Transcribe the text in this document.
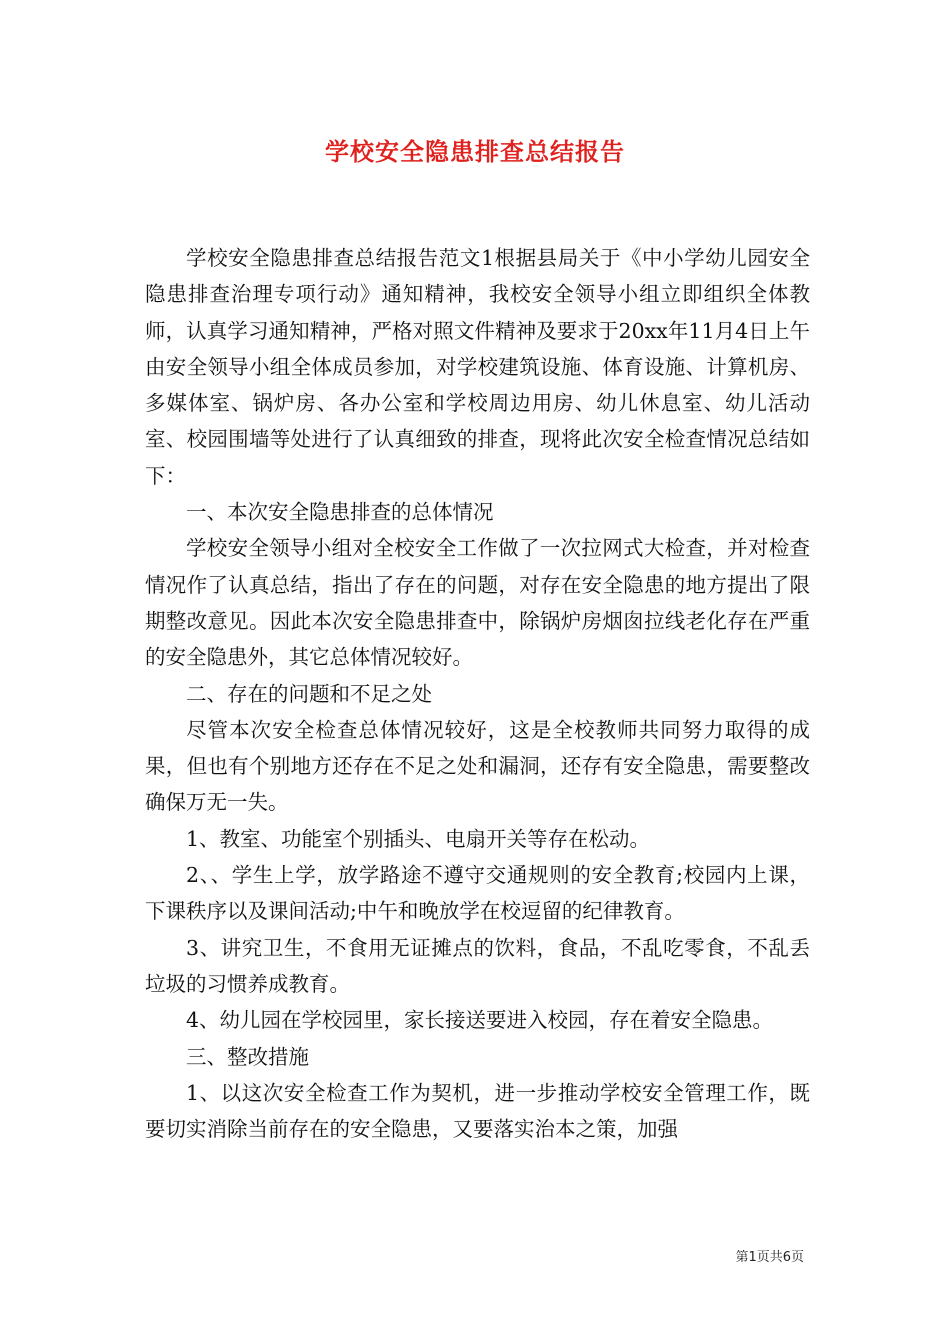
学校安全隐患排查总结报告

学校安全隐患排查总结报告范文1根据县局关于《中小学幼儿园安全隐患排查治理专项行动》通知精神，我校安全领导小组立即组织全体教师，认真学习通知精神，严格对照文件精神及要求于20xx年11月4日上午由安全领导小组全体成员参加，对学校建筑设施、体育设施、计算机房、多媒体室、锅炉房、各办公室和学校周边用房、幼儿休息室、幼儿活动室、校园围墙等处进行了认真细致的排查，现将此次安全检查情况总结如下：

一、本次安全隐患排查的总体情况

学校安全领导小组对全校安全工作做了一次拉网式大检查，并对检查情况作了认真总结，指出了存在的问题，对存在安全隐患的地方提出了限期整改意见。因此本次安全隐患排查中，除锅炉房烟囱拉线老化存在严重的安全隐患外，其它总体情况较好。

二、存在的问题和不足之处

尽管本次安全检查总体情况较好，这是全校教师共同努力取得的成果，但也有个别地方还存在不足之处和漏洞，还存有安全隐患，需要整改确保万无一失。

1、教室、功能室个别插头、电扇开关等存在松动。

2、、学生上学，放学路途不遵守交通规则的安全教育;校园内上课，下课秩序以及课间活动;中午和晚放学在校逗留的纪律教育。

3、讲究卫生，不食用无证摊点的饮料，食品，不乱吃零食，不乱丢垃圾的习惯养成教育。

4、幼儿园在学校园里，家长接送要进入校园，存在着安全隐患。

三、整改措施

1、以这次安全检查工作为契机，进一步推动学校安全管理工作，既要切实消除当前存在的安全隐患，又要落实治本之策，加强

第1页共6页
